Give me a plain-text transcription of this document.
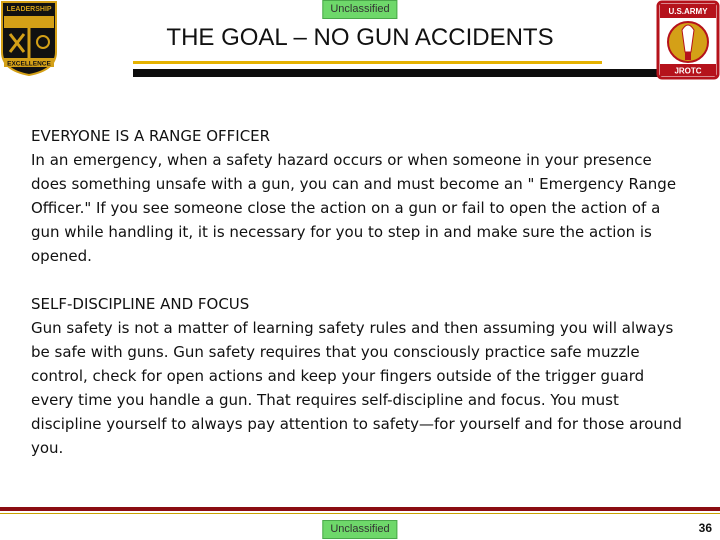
Unclassified
LEADERSHIP
EXCELLENCE
THE GOAL – NO GUN ACCIDENTS
U.S.ARMY
JROTC

EVERYONE IS A RANGE OFFICER

In an emergency, when a safety hazard occurs or when someone in your presence does something unsafe with a gun, you can and must become an " Emergency Range Officer." If you see someone close the action on a gun or fail to open the action of a gun while handling it, it is necessary for you to step in and make sure the action is opened.

SELF-DISCIPLINE AND FOCUS

Gun safety is not a matter of learning safety rules and then assuming you will always be safe with guns. Gun safety requires that you consciously practice safe muzzle control, check for open actions and keep your fingers outside of the trigger guard every time you handle a gun. That requires self-discipline and focus. You must discipline yourself to always pay attention to safety—for yourself and for those around you.

Unclassified	36
